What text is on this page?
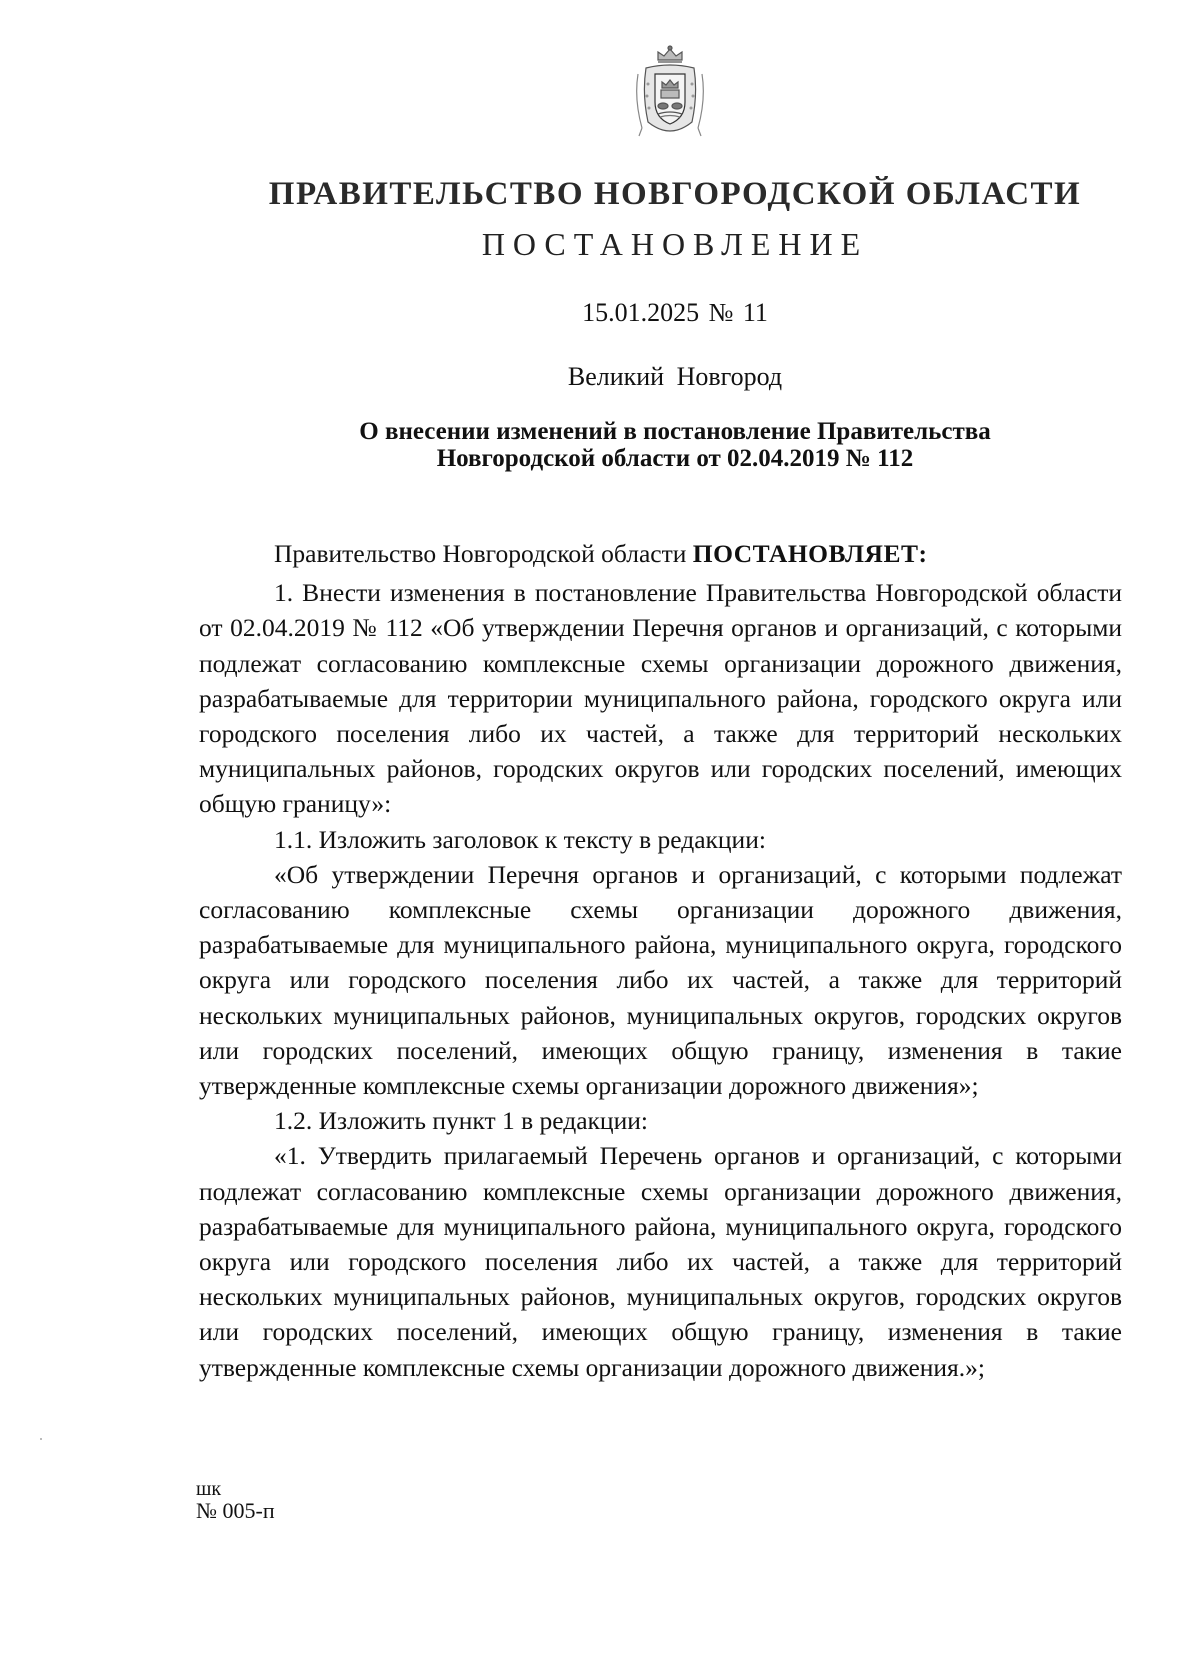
ПРАВИТЕЛЬСТВО НОВГОРОДСКОЙ ОБЛАСТИ
ПОСТАНОВЛЕНИЕ
15.01.2025 № 11
Великий Новгород
О внесении изменений в постановление Правительства
Новгородской области от 02.04.2019 № 112

Правительство Новгородской области ПОСТАНОВЛЯЕТ:

1. Внести изменения в постановление Правительства Новгородской области от 02.04.2019 № 112 «Об утверждении Перечня органов и организаций, с которыми подлежат согласованию комплексные схемы организации дорожного движения, разрабатываемые для территории муниципального района, городского округа или городского поселения либо их частей, а также для территорий нескольких муниципальных районов, городских округов или городских поселений, имеющих общую границу»:

1.1. Изложить заголовок к тексту в редакции:

«Об утверждении Перечня органов и организаций, с которыми подлежат согласованию комплексные схемы организации дорожного движения, разрабатываемые для муниципального района, муниципального округа, городского округа или городского поселения либо их частей, а также для территорий нескольких муниципальных районов, муниципальных округов, городских округов или городских поселений, имеющих общую границу, изменения в такие утвержденные комплексные схемы организации дорожного движения»;

1.2. Изложить пункт 1 в редакции:

«1. Утвердить прилагаемый Перечень органов и организаций, с которыми подлежат согласованию комплексные схемы организации дорожного движения, разрабатываемые для муниципального района, муниципального округа, городского округа или городского поселения либо их частей, а также для территорий нескольких муниципальных районов, муниципальных округов, городских округов или городских поселений, имеющих общую границу, изменения в такие утвержденные комплексные схемы организации дорожного движения.»;

шк
№ 005-п
